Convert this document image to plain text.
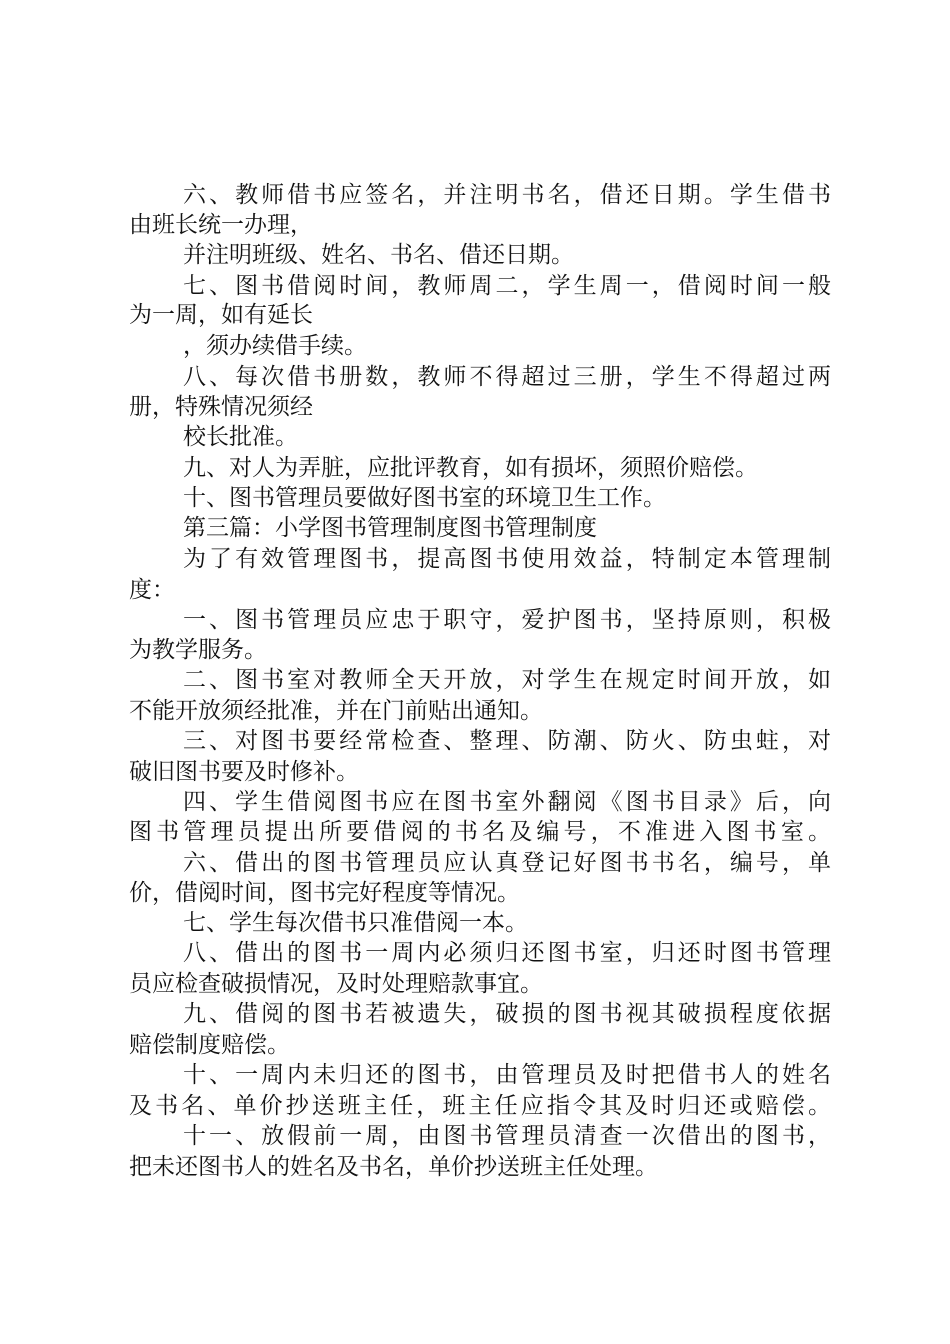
六、教师借书应签名，并注明书名，借还日期。学生借书
由班长统一办理，
并注明班级、姓名、书名、借还日期。
七、图书借阅时间，教师周二，学生周一，借阅时间一般
为一周，如有延长
，须办续借手续。
八、每次借书册数，教师不得超过三册，学生不得超过两
册，特殊情况须经
校长批准。
九、对人为弄脏，应批评教育，如有损坏，须照价赔偿。
十、图书管理员要做好图书室的环境卫生工作。
第三篇：小学图书管理制度图书管理制度
为了有效管理图书，提高图书使用效益，特制定本管理制
度：
一、图书管理员应忠于职守，爱护图书，坚持原则，积极
为教学服务。
二、图书室对教师全天开放，对学生在规定时间开放，如
不能开放须经批准，并在门前贴出通知。
三、对图书要经常检查、整理、防潮、防火、防虫蛀，对
破旧图书要及时修补。
四、学生借阅图书应在图书室外翻阅《图书目录》后，向
图书管理员提出所要借阅的书名及编号，不准进入图书室。
六、借出的图书管理员应认真登记好图书书名，编号，单
价，借阅时间，图书完好程度等情况。
七、学生每次借书只准借阅一本。
八、借出的图书一周内必须归还图书室，归还时图书管理
员应检查破损情况，及时处理赔款事宜。
九、借阅的图书若被遗失，破损的图书视其破损程度依据
赔偿制度赔偿。
十、一周内未归还的图书，由管理员及时把借书人的姓名
及书名、单价抄送班主任，班主任应指令其及时归还或赔偿。
十一、放假前一周，由图书管理员清查一次借出的图书，
把未还图书人的姓名及书名，单价抄送班主任处理。
